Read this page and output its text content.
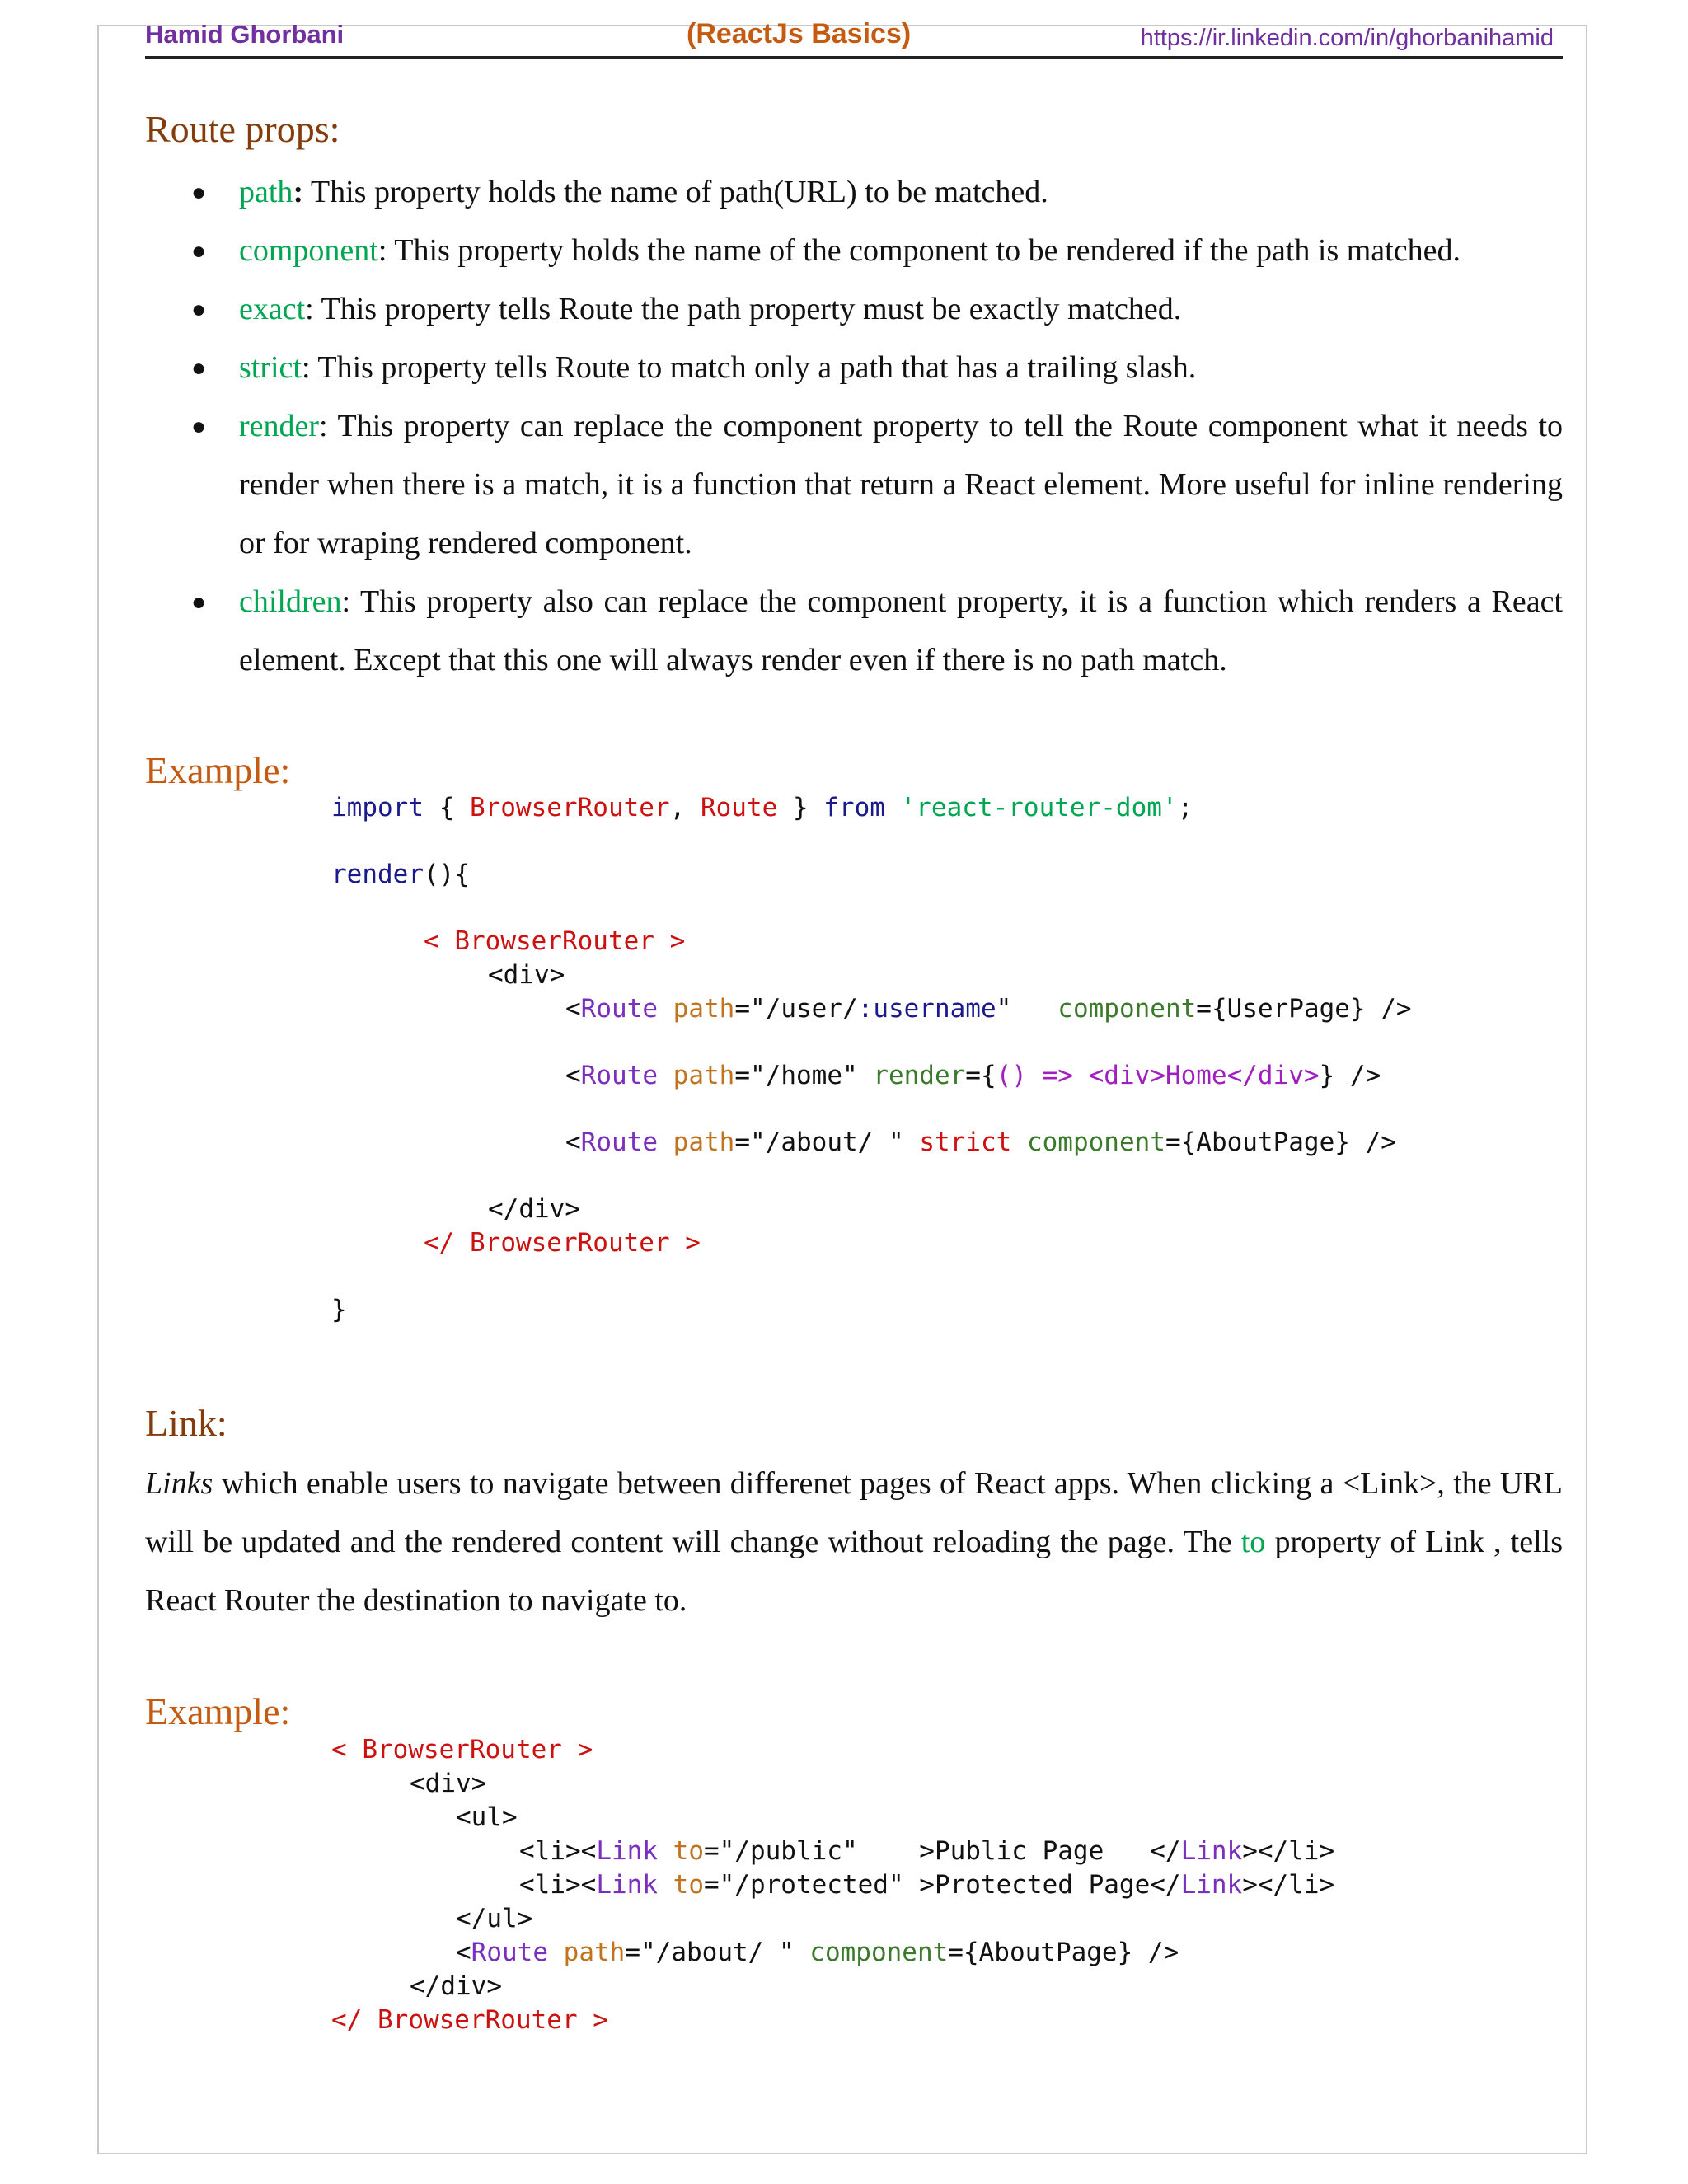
Hamid Ghorbani	(ReactJs Basics)	https://ir.linkedin.com/in/ghorbanihamid
Route props:
● path: This property holds the name of path(URL) to be matched.
● component: This property holds the name of the component to be rendered if the path is matched.
● exact: This property tells Route the path property must be exactly matched.
● strict: This property tells Route to match only a path that has a trailing slash.
● render: This property can replace the component property to tell the Route component what it needs to render when there is a match, it is a function that return a React element. More useful for inline rendering or for wraping rendered component.
● children: This property also can replace the component property, it is a function which renders a React element. Except that this one will always render even if there is no path match.
Example:
import { BrowserRouter, Route } from 'react-router-dom';
render(){
< BrowserRouter >
<div>
<Route path="/user/:username"   component={UserPage} />
<Route path="/home" render={() => <div>Home</div>} />
<Route path="/about/ " strict component={AboutPage} />
</div>
</ BrowserRouter >
}
Link:

Links which enable users to navigate between differenet pages of React apps. When clicking a <Link>, the URL will be updated and the rendered content will change without reloading the page. The to property of Link , tells React Router the destination to navigate to.

Example:
< BrowserRouter >
<div>
<ul>
<li><Link to="/public"    >Public Page   </Link></li>
<li><Link to="/protected" >Protected Page</Link></li>
</ul>
<Route path="/about/ " component={AboutPage} />
</div>
</ BrowserRouter >
